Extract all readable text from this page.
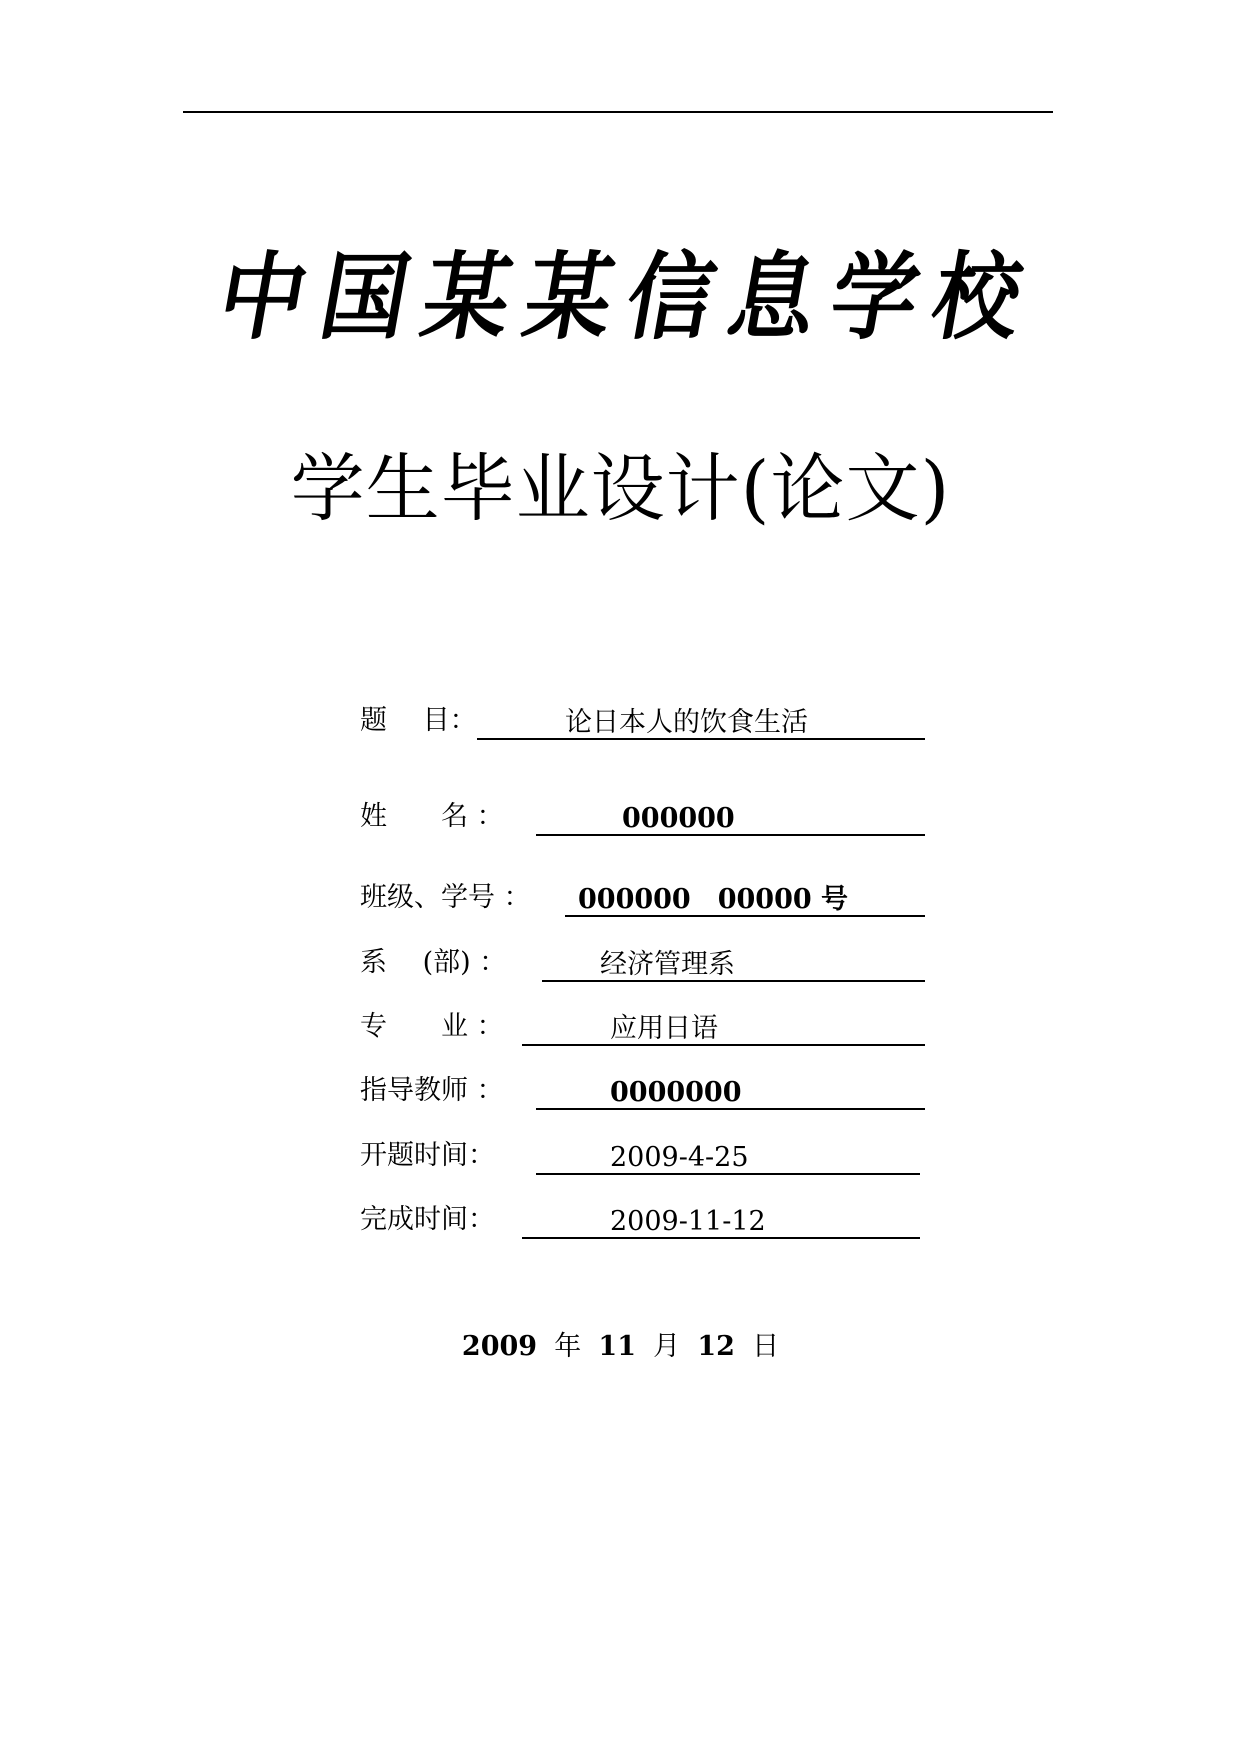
中
国
某
某
信
息
学
校
学生毕业设计(论文)
题　 目：	论日本人的饮食生活
姓　　名 ：	000000
班级、学号 ： 000000　00000 号
系　 (部) ：	经济管理系
专　　业 ：	应用日语
指导教师 ：	0000000
开题时间：	2009-4-25
完成时间：	2009-11-12
2009 年 11 月 12 日
